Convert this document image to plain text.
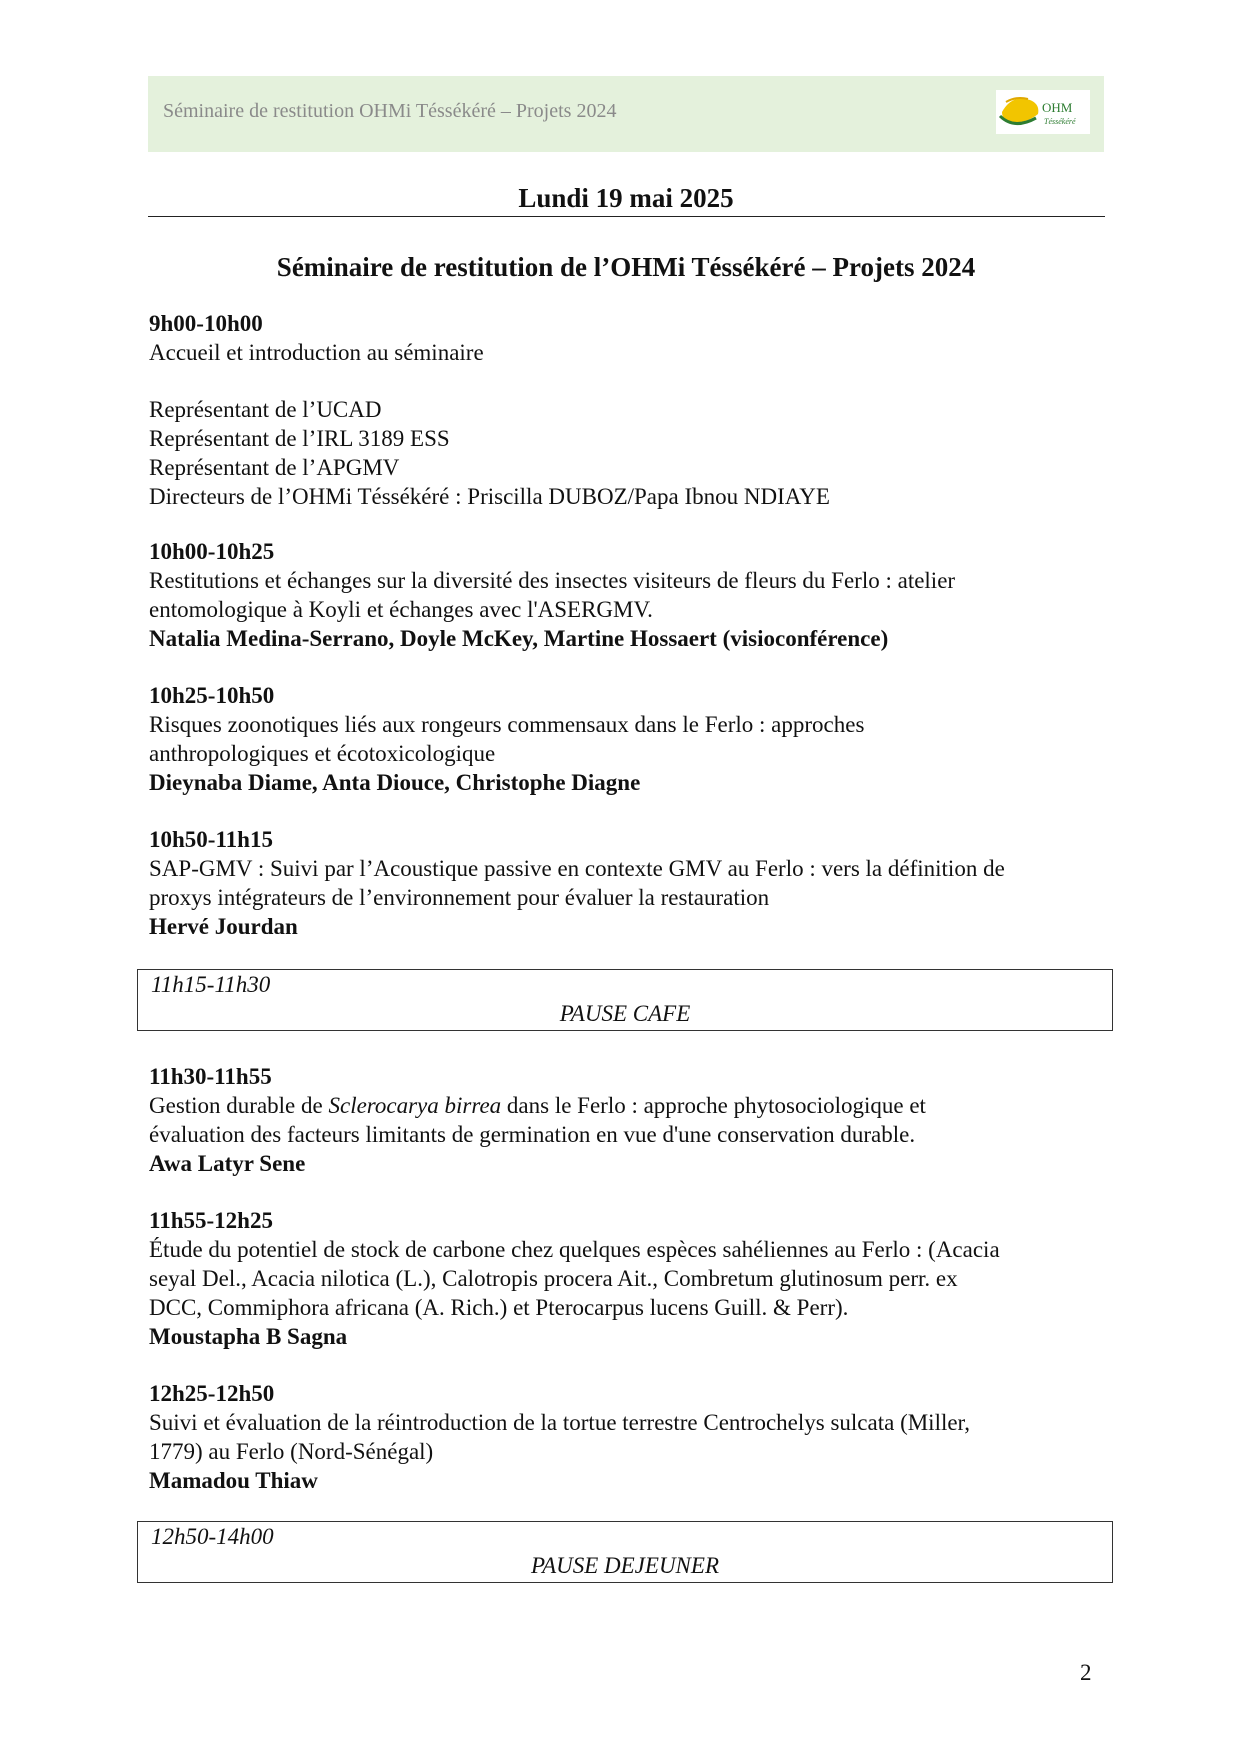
Séminaire de restitution OHMi Téssékéré – Projets 2024	OHM
Téssékéré
Lundi 19 mai 2025
Séminaire de restitution de l’OHMi Téssékéré – Projets 2024
9h00-10h00
Accueil et introduction au séminaire
Représentant de l’UCAD
Représentant de l’IRL 3189 ESS
Représentant de l’APGMV
Directeurs de l’OHMi Téssékéré : Priscilla DUBOZ/Papa Ibnou NDIAYE
10h00-10h25
Restitutions et échanges sur la diversité des insectes visiteurs de fleurs du Ferlo : atelier
entomologique à Koyli et échanges avec l'ASERGMV.
Natalia Medina-Serrano, Doyle McKey, Martine Hossaert (visioconférence)
10h25-10h50
Risques zoonotiques liés aux rongeurs commensaux dans le Ferlo : approches
anthropologiques et écotoxicologique
Dieynaba Diame, Anta Diouce, Christophe Diagne
10h50-11h15
SAP-GMV : Suivi par l’Acoustique passive en contexte GMV au Ferlo : vers la définition de
proxys intégrateurs de l’environnement pour évaluer la restauration
Hervé Jourdan
11h15-11h30
PAUSE CAFE
11h30-11h55
Gestion durable de Sclerocarya birrea dans le Ferlo : approche phytosociologique et
évaluation des facteurs limitants de germination en vue d'une conservation durable.
Awa Latyr Sene
11h55-12h25
Étude du potentiel de stock de carbone chez quelques espèces sahéliennes au Ferlo : (Acacia
seyal Del., Acacia nilotica (L.), Calotropis procera Ait., Combretum glutinosum perr. ex
DCC, Commiphora africana (A. Rich.) et Pterocarpus lucens Guill. & Perr).
Moustapha B Sagna
12h25-12h50
Suivi et évaluation de la réintroduction de la tortue terrestre Centrochelys sulcata (Miller,
1779) au Ferlo (Nord-Sénégal)
Mamadou Thiaw
12h50-14h00
PAUSE DEJEUNER
2
